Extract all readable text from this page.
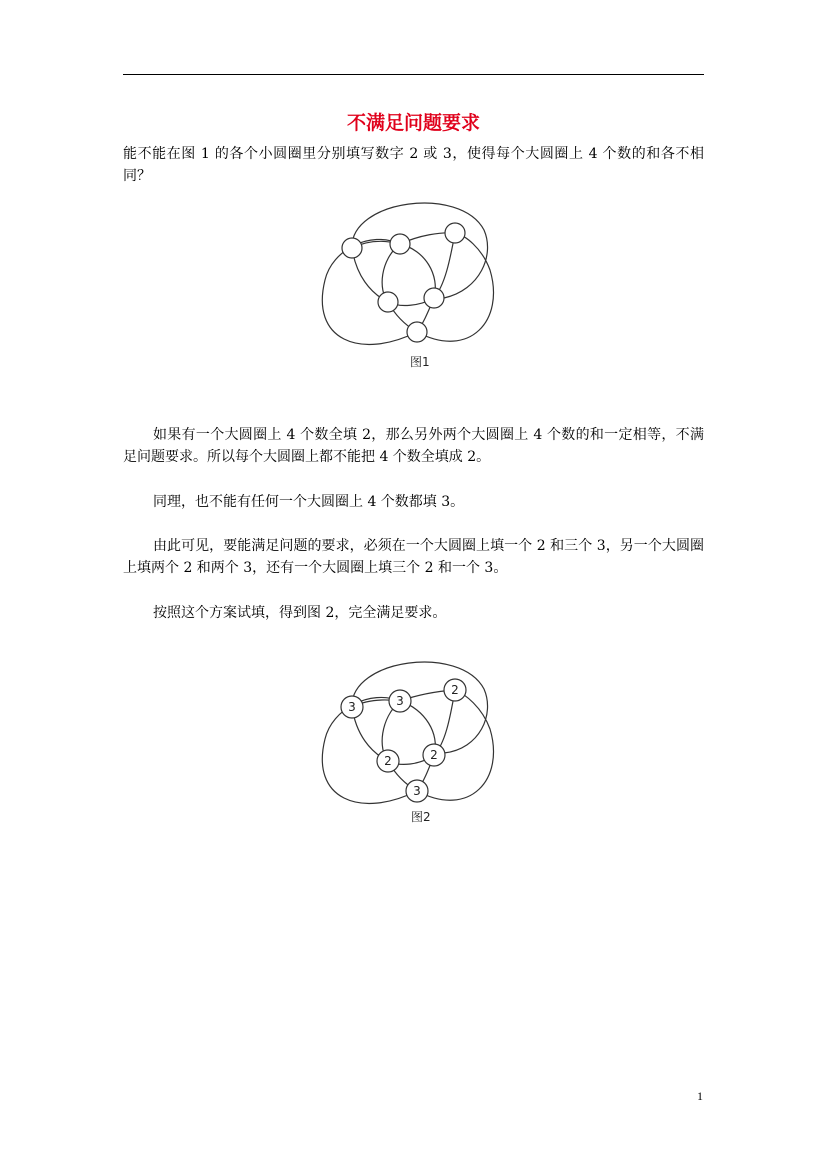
不满足问题要求

能不能在图 1 的各个小圆圈里分别填写数字 2 或 3，使得每个大圆圈上 4 个数的和各不相同？

图1

如果有一个大圆圈上 4 个数全填 2，那么另外两个大圆圈上 4 个数的和一定相等，不满足问题要求。所以每个大圆圈上都不能把 4 个数全填成 2。

同理，也不能有任何一个大圆圈上 4 个数都填 3。

由此可见，要能满足问题的要求，必须在一个大圆圈上填一个 2 和三个 3，另一个大圆圈上填两个 2 和两个 3，还有一个大圆圈上填三个 2 和一个 3。

按照这个方案试填，得到图 2，完全满足要求。

3	3
2
2	2
3
图2
1
